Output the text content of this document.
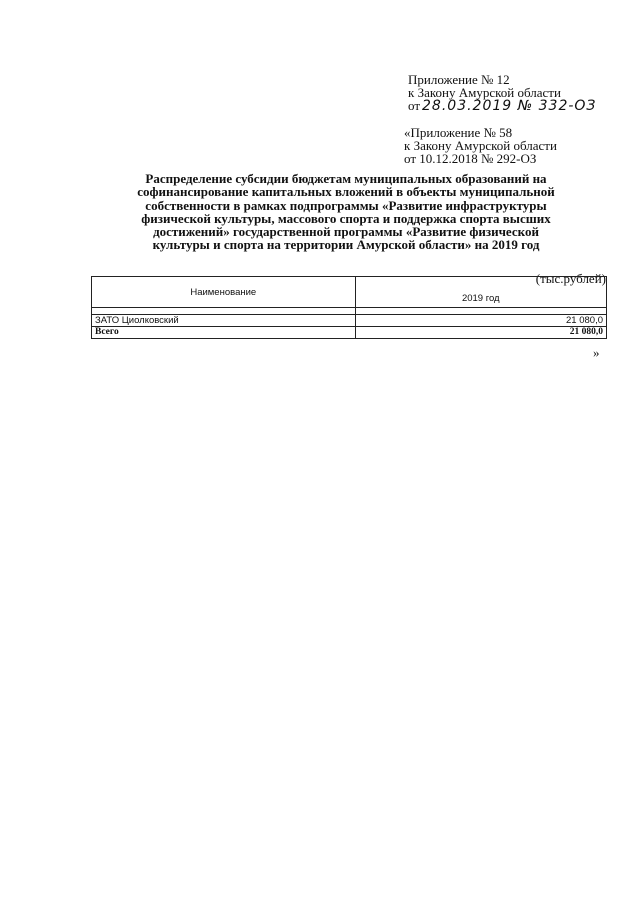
Приложение № 12
к Закону Амурской области
от 28.03.2019 № 332-ОЗ
«Приложение № 58
к Закону Амурской области
от 10.12.2018 № 292-ОЗ
Распределение субсидии бюджетам муниципальных образований на
софинансирование капитальных вложений в объекты муниципальной
собственности в рамках подпрограммы «Развитие инфраструктуры
физической культуры, массового спорта и поддержка спорта высших
достижений» государственной программы «Развитие физической
культуры и спорта на территории Амурской области» на 2019 год
(тыс.рублей)
Наименование	2019 год

ЗАТО Циолковский	21 080,0
Всего	21 080,0
»
